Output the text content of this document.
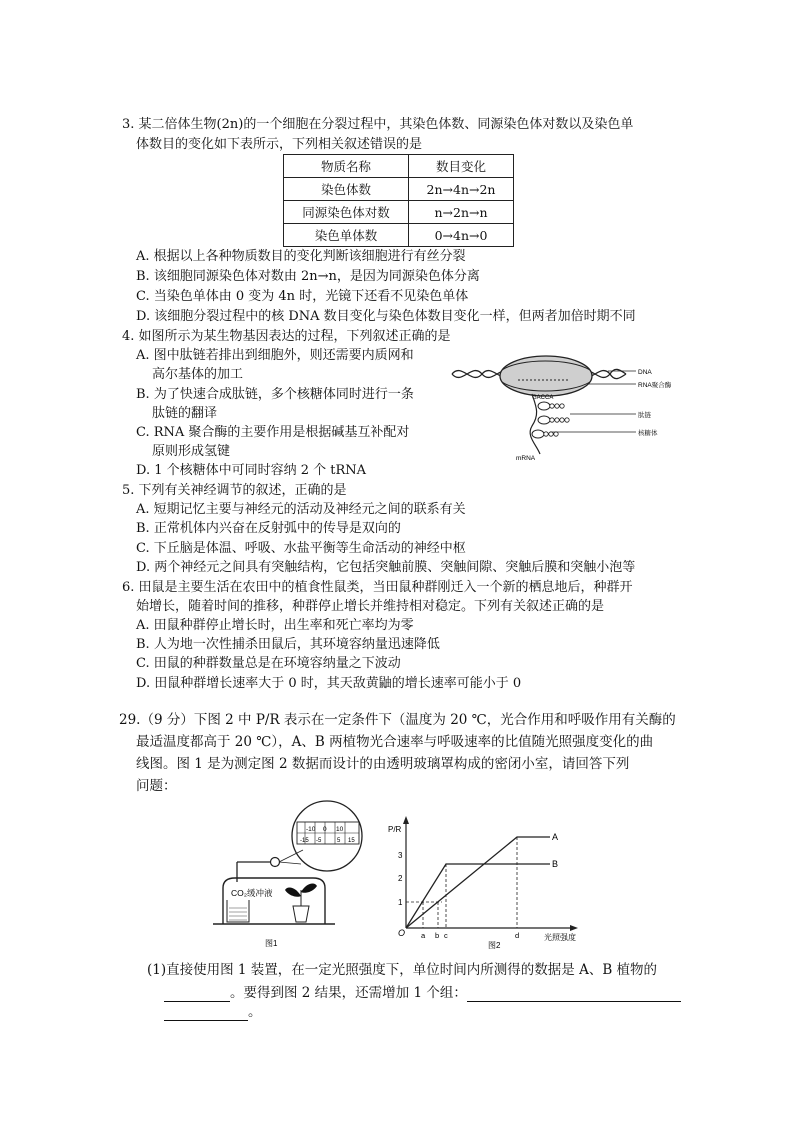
3. 某二倍体生物(2n)的一个细胞在分裂过程中，其染色体数、同源染色体对数以及染色单
体数目的变化如下表所示，下列相关叙述错误的是
物质名称	数目变化
染色体数	2n→4n→2n
同源染色体对数	n→2n→n
染色单体数	0→4n→0
A. 根据以上各种物质数目的变化判断该细胞进行有丝分裂
B. 该细胞同源染色体对数由 2n→n，是因为同源染色体分离
C. 当染色单体由 0 变为 4n 时，光镜下还看不见染色单体
D. 该细胞分裂过程中的核 DNA 数目变化与染色体数目变化一样，但两者加倍时期不同
4. 如图所示为某生物基因表达的过程，下列叙述正确的是
A. 图中肽链若排出到细胞外，则还需要内质网和
高尔基体的加工
B. 为了快速合成肽链，多个核糖体同时进行一条
肽链的翻译
C. RNA 聚合酶的主要作用是根据碱基互补配对
原则形成氢键
D. 1 个核糖体中可同时容纳 2 个 tRNA
GACCA
DNA
RNA聚合酶
肽链
核糖体
mRNA
5. 下列有关神经调节的叙述，正确的是
A. 短期记忆主要与神经元的活动及神经元之间的联系有关
B. 正常机体内兴奋在反射弧中的传导是双向的
C. 下丘脑是体温、呼吸、水盐平衡等生命活动的神经中枢
D. 两个神经元之间具有突触结构，它包括突触前膜、突触间隙、突触后膜和突触小泡等
6. 田鼠是主要生活在农田中的植食性鼠类，当田鼠种群刚迁入一个新的栖息地后，种群开
始增长，随着时间的推移，种群停止增长并维持相对稳定。下列有关叙述正确的是
A. 田鼠种群停止增长时，出生率和死亡率均为零
B. 人为地一次性捕杀田鼠后，其环境容纳量迅速降低
C. 田鼠的种群数量总是在环境容纳量之下波动
D. 田鼠种群增长速率大于 0 时，其天敌黄鼬的增长速率可能小于 0
29.（9 分）下图 2 中 P/R 表示在一定条件下（温度为 20 ℃，光合作用和呼吸作用有关酶的
最适温度都高于 20 ℃），A、B 两植物光合速率与呼吸速率的比值随光照强度变化的曲
线图。图 1 是为测定图 2 数据而设计的由透明玻璃罩构成的密闭小室，请回答下列
问题：
-10 0 10
-15 -5	5 15
CO₂缓冲液
图1
P/R
O	光照强度
1
2
3
a b c	d
A
B
图2
(1)直接使用图 1 装置，在一定光照强度下，单位时间内所测得的数据是 A、B 植物的
。要得到图 2 结果，还需增加 1 个组：
。
